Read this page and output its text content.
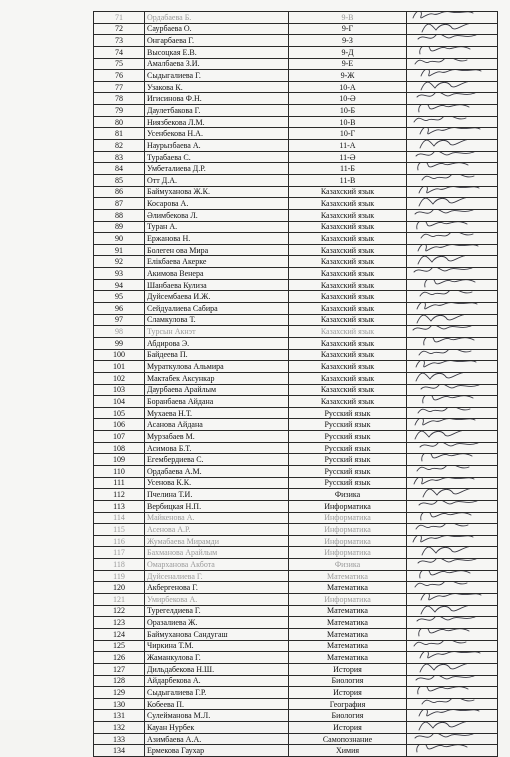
71	Ордабаева Б.	9-В	

72	Саурбаева О.	9-Г	

73	Онгарбаева Г.	9-З	

74	Высоцкая Е.В.	9-Д	

75	Амалбаева З.И.	9-Е	

76	Сыдыгалиева Г.	9-Ж	

77	Узакова К.	10-А	

78	Игисинова Ф.Н.	10-Ә	

79	Даулетбакова Г.	10-Б	

80	Ниязбекова Л.М.	10-В	

81	Усенбекова Н.А.	10-Г	

82	Наурызбаева А.	11-А	

83	Турабаева С.	11-Ә	

84	Умбеталиева Д.Р.	11-Б	

85	Отт Д.А.	11-В	

86	Баймуханова Ж.К.	Казахский язык	

87	Косарова А.	Казахский язык	

88	Әлимбекова Л.	Казахский язык	

89	Туран А.	Казахский язык	

90	Ержанова Н.	Казахский язык	

91	Болеген ова Мира	Казахский язык	

92	Елікбаева Акерке	Казахский язык	

93	Акимова Венера	Казахский язык	

94	Шанбаева Кулиза	Казахский язык	

95	Дуйсембаева И.Ж.	Казахский язык	

96	Сейдуалиева Сабира	Казахский язык	

97	Сламкулова Т.	Казахский язык	

98	Турсын Акнэт	Казахский язык	

99	Абдирова Э.	Казахский язык	

100	Байдеева П.	Казахский язык	

101	Мураткулова Альмира	Казахский язык	

102	Мактабек Аксункар	Казахский язык	

103	Даурбаева Арайлым	Казахский язык	

104	Боранбаева Айдана	Казахский язык	

105	Мухаева Н.Т.	Русский язык	

106	Асанова Айдана	Русский язык	

107	Мурзабаев М.	Русский язык	

108	Асимова Б.Т.	Русский язык	

109	Егембердиева С.	Русский язык	

110	Ордабаева А.М.	Русский язык	

111	Усенова К.К.	Русский язык	

112	Пчелина Т.И.	Физика	

113	Вербицкая Н.П.	Информатика	

114	Майкенова А.	Информатика	

115	Асенова А.Р.	Информатика	

116	Жумабаева Мирамди	Информатика	

117	Бахманова Арайлым	Информатика	

118	Омарханова Акбота	Физика	

119	Дуйсеналиева Г.	Математика	

120	Акбергенова Г.	Математика	

121	Умирбекова А.	Информатика	

122	Турегелдиева Г.	Математика	

123	Оразалиева Ж.	Математика	

124	Баймуханова Сандугаш	Математика	

125	Чиркина Т.М.	Математика	

126	Жаманкулова Г.	Математика	

127	Дильдабекова Н.Ш.	История	

128	Айдарбекова А.	Биология	

129	Сыдыгалиева Г.Р.	История	

130	Кобеева П.	География	

131	Сулейманова М.Л.	Биология	

132	Кауан Нурбек	История	

133	Азимбаева А.А.	Самопознание	

134	Ермекова Гаухар	Химия	
